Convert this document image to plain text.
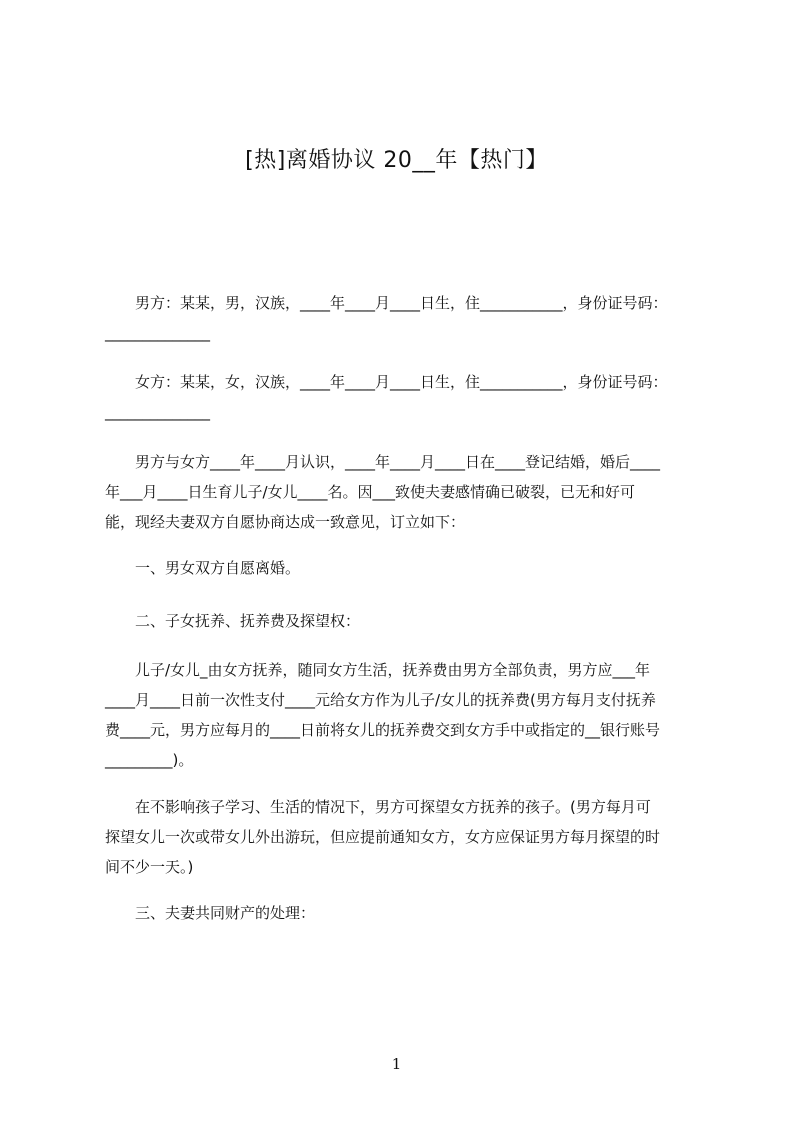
[热]离婚协议 20__年【热门】
　　男方：某某，男，汉族，____年____月____日生，住___________，身份证号码：
______________
　　女方：某某，女，汉族，____年____月____日生，住___________，身份证号码：
______________
　　男方与女方____年____月认识，____年____月____日在____登记结婚，婚后____
年___月____日生育儿子/女儿____名。因___致使夫妻感情确已破裂，已无和好可
能，现经夫妻双方自愿协商达成一致意见，订立如下：
　　一、男女双方自愿离婚。
　　二、子女抚养、抚养费及探望权：
　　儿子/女儿_由女方抚养，随同女方生活，抚养费由男方全部负责，男方应___年
____月____日前一次性支付____元给女方作为儿子/女儿的抚养费(男方每月支付抚养
费____元，男方应每月的____日前将女儿的抚养费交到女方手中或指定的__银行账号
_________)。
　　在不影响孩子学习、生活的情况下，男方可探望女方抚养的孩子。(男方每月可
探望女儿一次或带女儿外出游玩，但应提前通知女方，女方应保证男方每月探望的时
间不少一天。)
　　三、夫妻共同财产的处理：
1
